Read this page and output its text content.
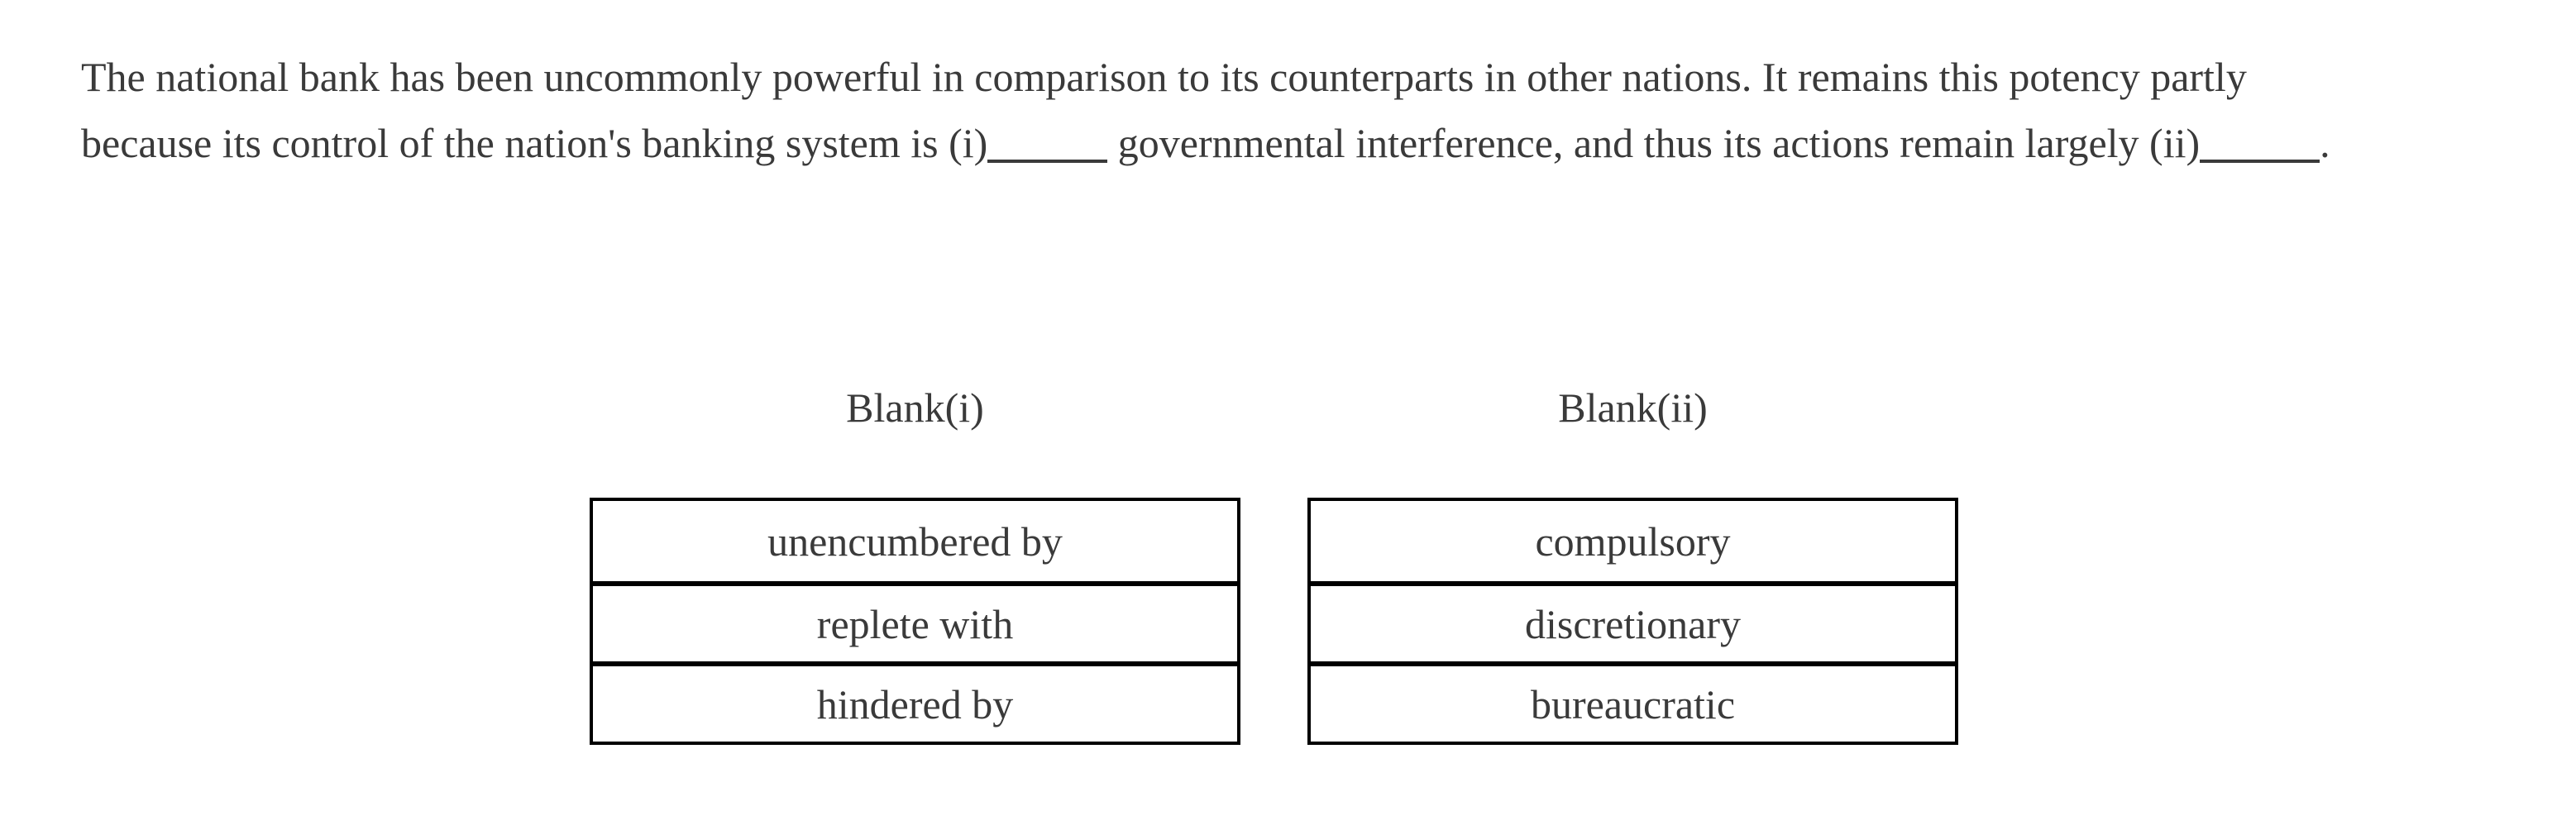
The national bank has been uncommonly powerful in comparison to its counterparts in other nations. It remains this potency partly
because its control of the nation's banking system is (i)	governmental interference, and thus its actions remain largely (ii)	.
Blank(i)
unencumbered by
replete with
hindered by
Blank(ii)
compulsory
discretionary
bureaucratic
